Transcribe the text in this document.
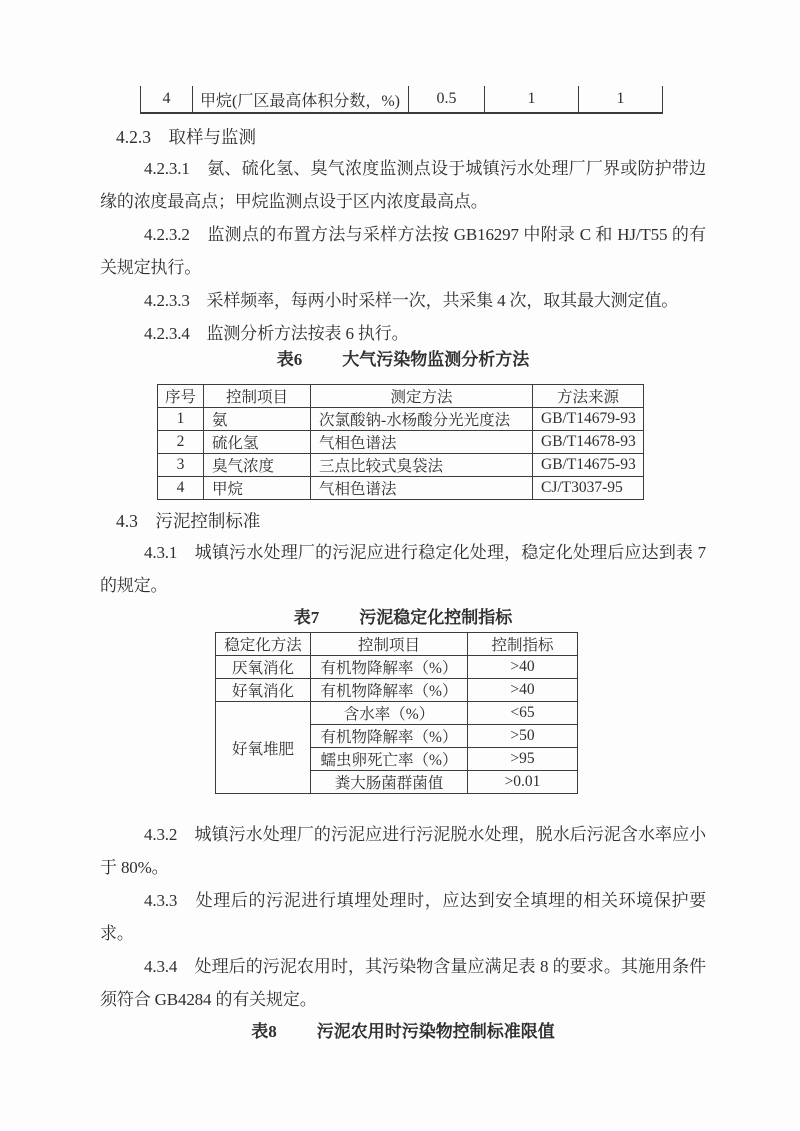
4	甲烷(厂区最高体积分数，%)	0.5	1	1
4.2.3　取样与监测

4.2.3.1　氨、硫化氢、臭气浓度监测点设于城镇污水处理厂厂界或防护带边缘的浓度最高点；甲烷监测点设于区内浓度最高点。

4.2.3.2　监测点的布置方法与采样方法按 GB16297 中附录 C 和 HJ/T55 的有关规定执行。

4.2.3.3　采样频率，每两小时采样一次，共采集 4 次，取其最大测定值。

4.2.3.4　监测分析方法按表 6 执行。

表6 大气污染物监测分析方法

序号	控制项目	测定方法	方法来源
1	氨	次氯酸钠-水杨酸分光光度法	GB/T14679-93
2	硫化氢	气相色谱法	GB/T14678-93
3	臭气浓度	三点比较式臭袋法	GB/T14675-93
4	甲烷	气相色谱法	CJ/T3037-95
4.3　污泥控制标准

4.3.1　城镇污水处理厂的污泥应进行稳定化处理，稳定化处理后应达到表 7 的规定。

表7 污泥稳定化控制指标

稳定化方法	控制项目	控制指标
厌氧消化	有机物降解率（%）	>40
好氧消化	有机物降解率（%）	>40
好氧堆肥	含水率（%）	<65
	有机物降解率（%）	>50
	蠕虫卵死亡率（%）	>95
	粪大肠菌群菌值	>0.01

4.3.2　城镇污水处理厂的污泥应进行污泥脱水处理，脱水后污泥含水率应小于 80%。

4.3.3　处理后的污泥进行填埋处理时，应达到安全填埋的相关环境保护要求。

4.3.4　处理后的污泥农用时，其污染物含量应满足表 8 的要求。其施用条件须符合 GB4284 的有关规定。

表8 污泥农用时污染物控制标准限值
